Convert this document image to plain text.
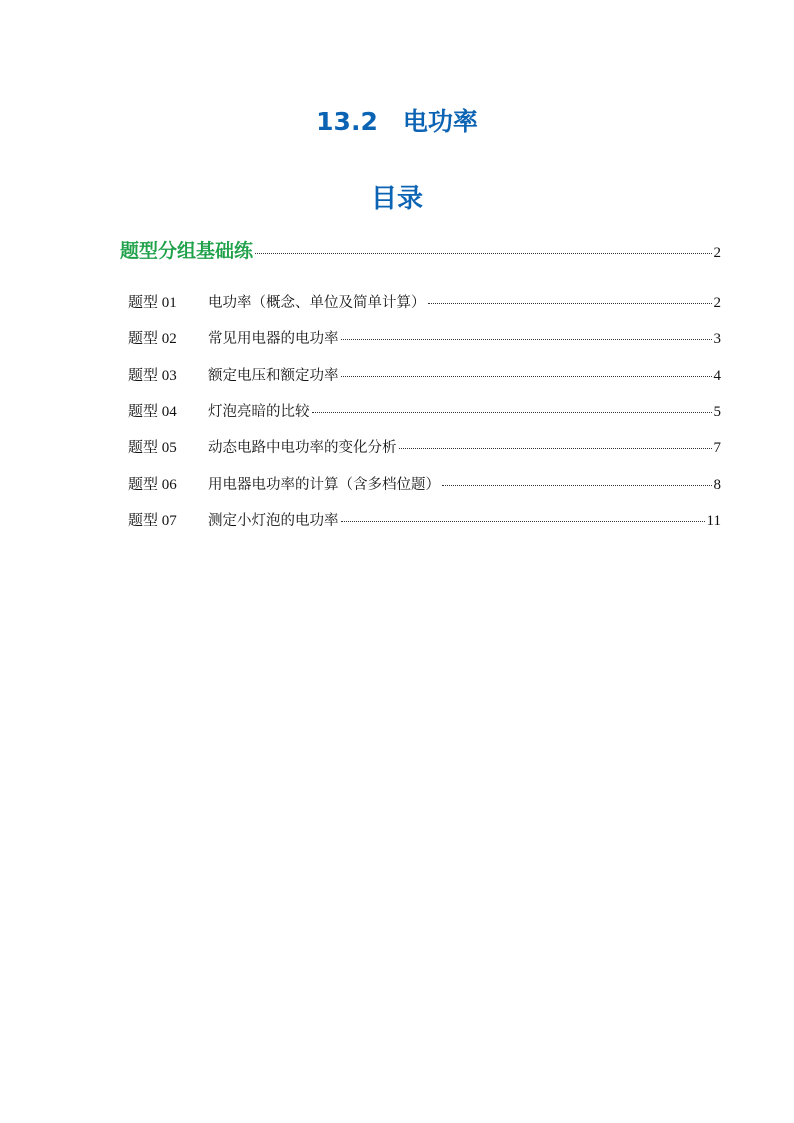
13.2　电功率
目录
题型分组基础练	2
题型 01	电功率（概念、单位及简单计算）	2
题型 02	常见用电器的电功率	3
题型 03	额定电压和额定功率	4
题型 04	灯泡亮暗的比较	5
题型 05	动态电路中电功率的变化分析	7
题型 06	用电器电功率的计算（含多档位题）	8
题型 07	测定小灯泡的电功率	11
